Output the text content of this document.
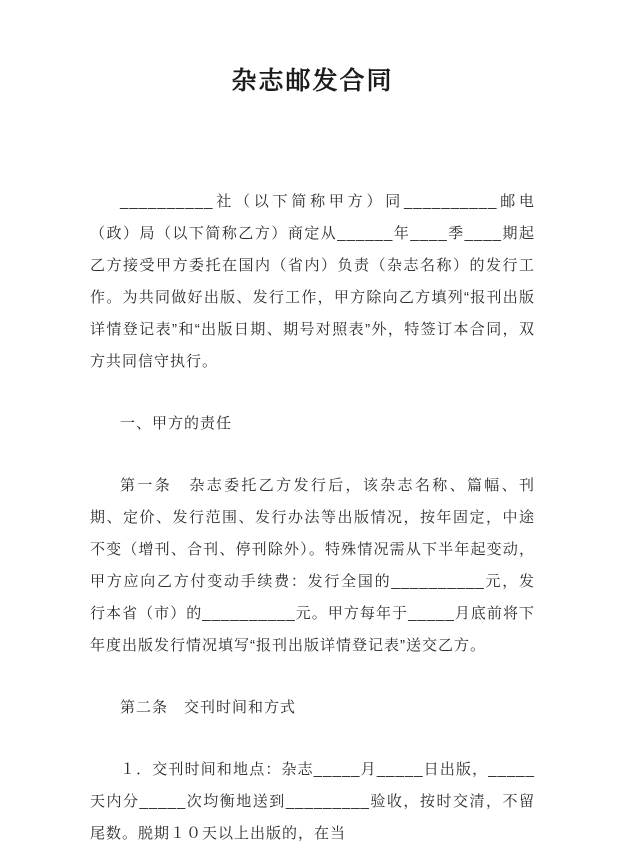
杂志邮发合同

__________社（以下简称甲方）同__________邮电（政）局（以下简称乙方）商定从______年____季____期起乙方接受甲方委托在国内（省内）负责（杂志名称）的发行工作。为共同做好出版、发行工作，甲方除向乙方填列“报刊出版详情登记表”和“出版日期、期号对照表”外，特签订本合同，双方共同信守执行。

一、甲方的责任

第一条　杂志委托乙方发行后，该杂志名称、篇幅、刊期、定价、发行范围、发行办法等出版情况，按年固定，中途不变（增刊、合刊、停刊除外）。特殊情况需从下半年起变动，甲方应向乙方付变动手续费：发行全国的__________元，发行本省（市）的__________元。甲方每年于_____月底前将下年度出版发行情况填写“报刊出版详情登记表”送交乙方。

第二条　交刊时间和方式

１．交刊时间和地点：杂志_____月_____日出版，_____天内分_____次均衡地送到_________验收，按时交清，不留尾数。脱期１０天以上出版的，在当
